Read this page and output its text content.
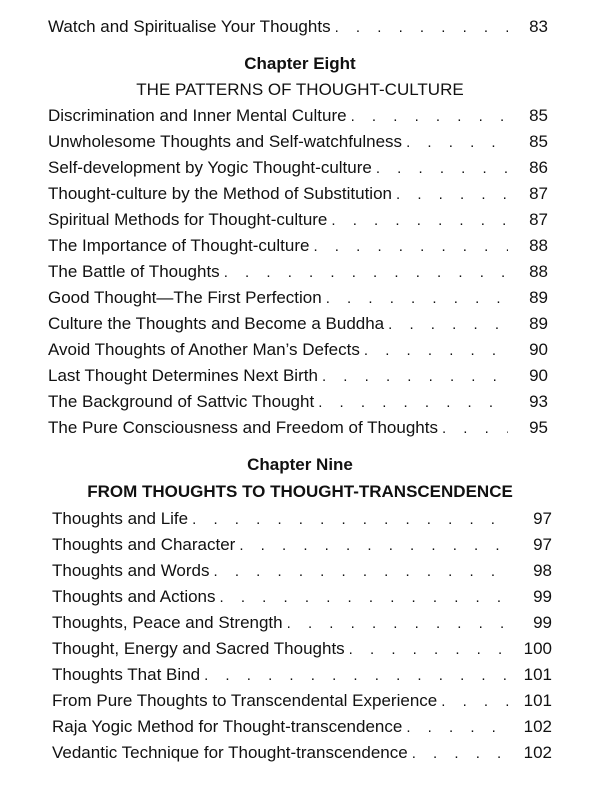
Watch and Spiritualise Your Thoughts . . .	83
Chapter Eight
THE PATTERNS OF THOUGHT-CULTURE
Discrimination and Inner Mental Culture . . .	85
Unwholesome Thoughts and Self-watchfulness . . .	85
Self-development by Yogic Thought-culture . . .	86
Thought-culture by the Method of Substitution . . .	87
Spiritual Methods for Thought-culture . . .	87
The Importance of Thought-culture . . .	88
The Battle of Thoughts . . .	88
Good Thought—The First Perfection . . .	89
Culture the Thoughts and Become a Buddha . . .	89
Avoid Thoughts of Another Man’s Defects . . .	90
Last Thought Determines Next Birth . . .	90
The Background of Sattvic Thought . . .	93
The Pure Consciousness and Freedom of Thoughts . . .	95
Chapter Nine
FROM THOUGHTS TO THOUGHT-TRANSCENDENCE
Thoughts and Life . . .	97
Thoughts and Character . . .	97
Thoughts and Words . . .	98
Thoughts and Actions . . .	99
Thoughts, Peace and Strength . . .	99
Thought, Energy and Sacred Thoughts . . .	100
Thoughts That Bind . . .	101
From Pure Thoughts to Transcendental Experience . . .	101
Raja Yogic Method for Thought-transcendence . . .	102
Vedantic Technique for Thought-transcendence . . .	102
